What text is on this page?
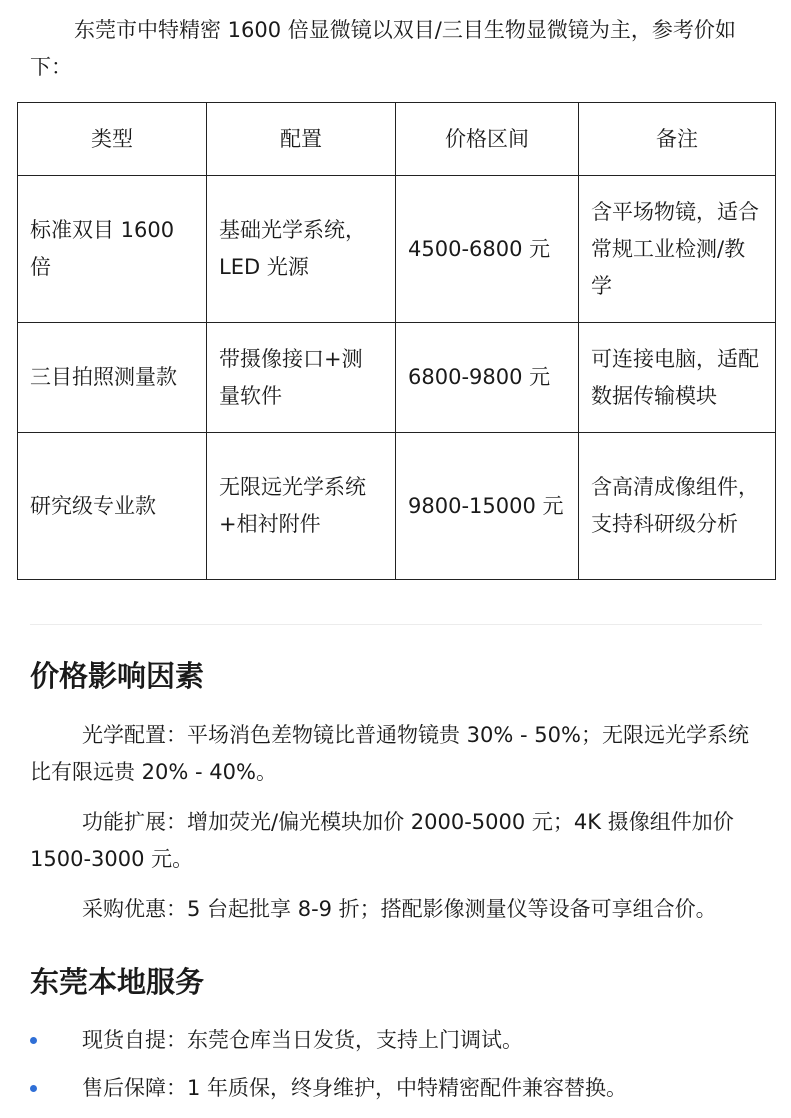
东莞市中特精密 1600 倍显微镜以双目/三目生物显微镜为主，参考价如下：

类型	配置	价格区间	备注
标准双目 1600 倍	基础光学系统，LED 光源	4500-6800 元	含平场物镜，适合常规工业检测/教学
三目拍照测量款	带摄像接口+测量软件	6800-9800 元	可连接电脑，适配数据传输模块
研究级专业款	无限远光学系统+相衬附件	9800-15000 元	含高清成像组件，支持科研级分析
价格影响因素
光学配置：平场消色差物镜比普通物镜贵 30% - 50%；无限远光学系统比有限远贵 20% - 40%。
功能扩展：增加荧光/偏光模块加价 2000-5000 元；4K 摄像组件加价 1500-3000 元。
采购优惠：5 台起批享 8-9 折；搭配影像测量仪等设备可享组合价。
东莞本地服务
现货自提：东莞仓库当日发货，支持上门调试。
售后保障：1 年质保，终身维护，中特精密配件兼容替换。
